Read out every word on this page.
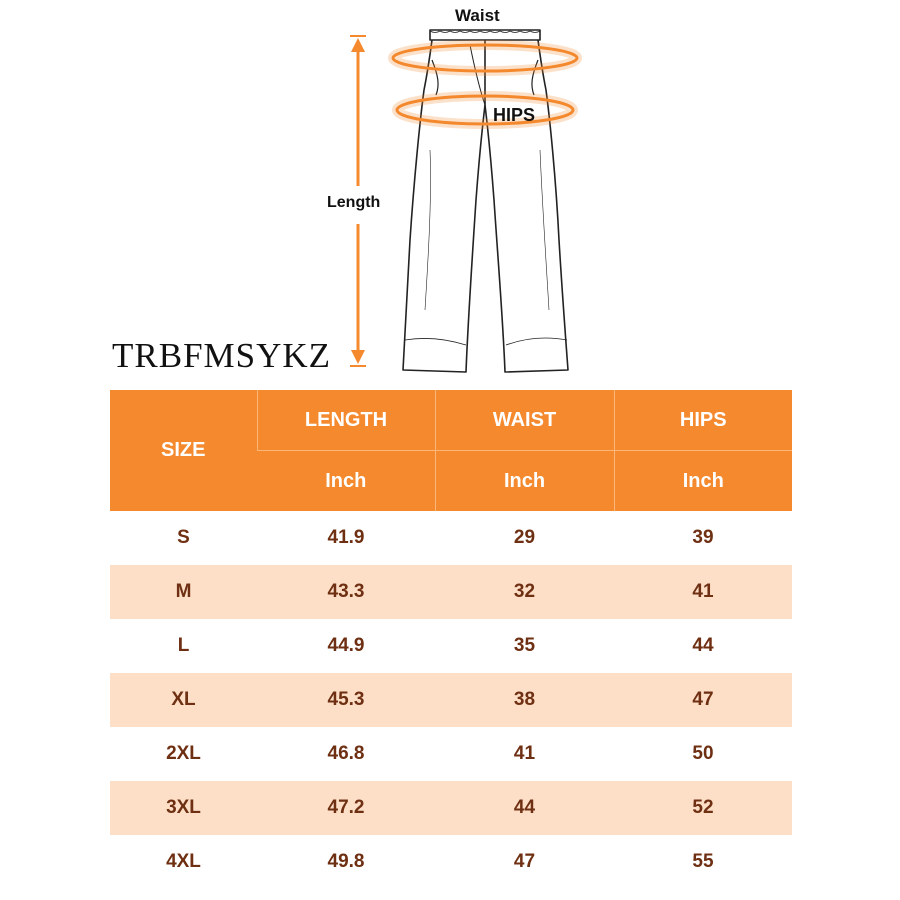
Waist
HIPS
Length
TRBFMSYKZ
SIZE	LENGTH	WAIST	HIPS
	Inch	Inch	Inch
S	41.9	29	39
M	43.3	32	41
L	44.9	35	44
XL	45.3	38	47
2XL	46.8	41	50
3XL	47.2	44	52
4XL	49.8	47	55
